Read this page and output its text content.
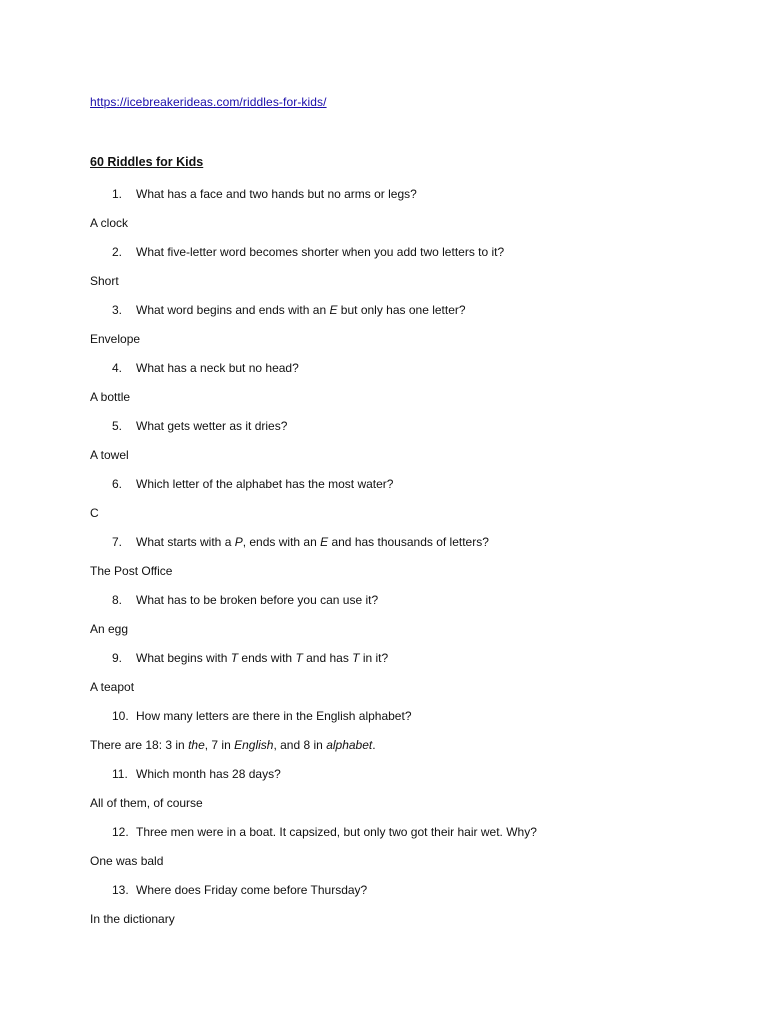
https://icebreakerideas.com/riddles-for-kids/
60 Riddles for Kids
1.	What has a face and two hands but no arms or legs?
A clock
2.	What five-letter word becomes shorter when you add two letters to it?
Short
3.	What word begins and ends with an E but only has one letter?
Envelope
4.	What has a neck but no head?
A bottle
5.	What gets wetter as it dries?
A towel
6.	Which letter of the alphabet has the most water?
C
7.	What starts with a P, ends with an E and has thousands of letters?
The Post Office
8.	What has to be broken before you can use it?
An egg
9.	What begins with T ends with T and has T in it?
A teapot
10. How many letters are there in the English alphabet?
There are 18: 3 in the, 7 in English, and 8 in alphabet.
11. Which month has 28 days?
All of them, of course
12. Three men were in a boat. It capsized, but only two got their hair wet. Why?
One was bald
13. Where does Friday come before Thursday?
In the dictionary
